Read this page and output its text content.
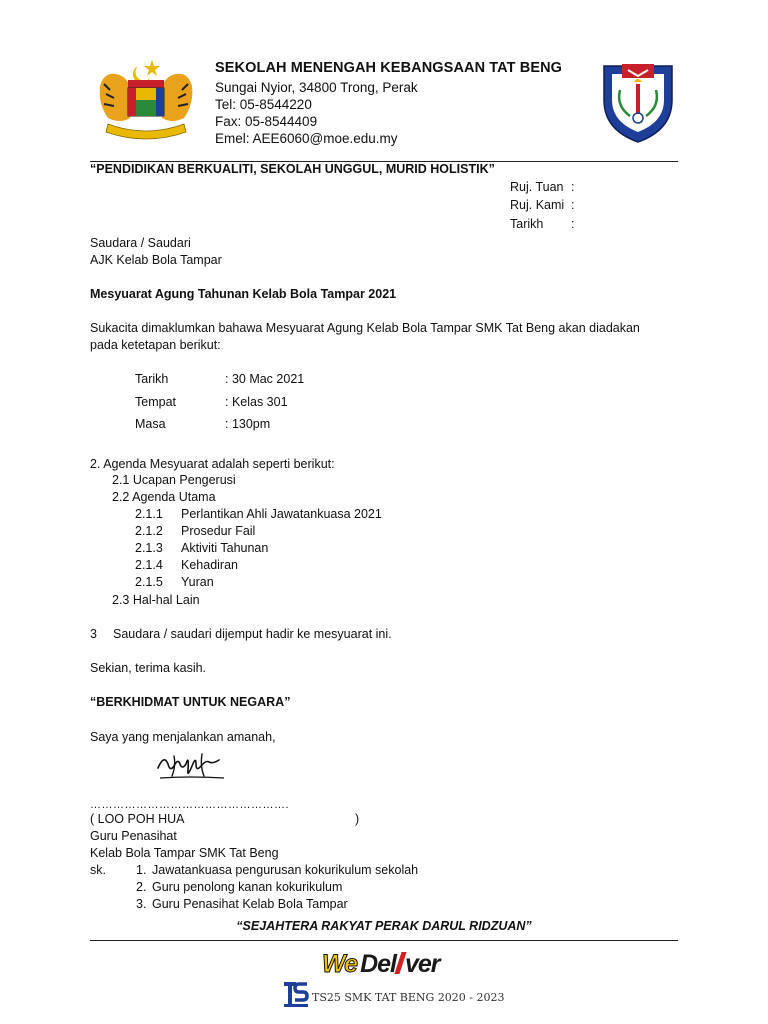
SEKOLAH MENENGAH KEBANGSAAN TAT BENG
Sungai Nyior, 34800 Trong, Perak
Tel: 05-8544220
Fax: 05-8544409
Emel: AEE6060@moe.edu.my
“PENDIDIKAN BERKUALITI, SEKOLAH UNGGUL, MURID HOLISTIK”
Ruj. Tuan :
Ruj. Kami :
Tarikh :
Saudara / Saudari
AJK Kelab Bola Tampar
Mesyuarat Agung Tahunan Kelab Bola Tampar 2021
Sukacita dimaklumkan bahawa Mesyuarat Agung Kelab Bola Tampar SMK Tat Beng akan diadakan
pada ketetapan berikut:
Tarikh	: 30 Mac 2021
Tempat	: Kelas 301
Masa	: 130pm
2. Agenda Mesyuarat adalah seperti berikut:
2.1 Ucapan Pengerusi
2.2 Agenda Utama
2.1.1 Perlantikan Ahli Jawatankuasa 2021
2.1.2 Prosedur Fail
2.1.3 Aktiviti Tahunan
2.1.4 Kehadiran
2.1.5 Yuran
2.3 Hal-hal Lain
3 Saudara / saudari dijemput hadir ke mesyuarat ini.
Sekian, terima kasih.
“BERKHIDMAT UNTUK NEGARA”
Saya yang menjalankan amanah,
…………………………………………….
( LOO POH HUA	)
Guru Penasihat
Kelab Bola Tampar SMK Tat Beng
sk. 1. Jawatankuasa pengurusan kokurikulum sekolah
2. Guru penolong kanan kokurikulum
3. Guru Penasihat Kelab Bola Tampar
“SEJAHTERA RAKYAT PERAK DARUL RIDZUAN”
We Del ver
TS25 SMK TAT BENG 2020 - 2023
